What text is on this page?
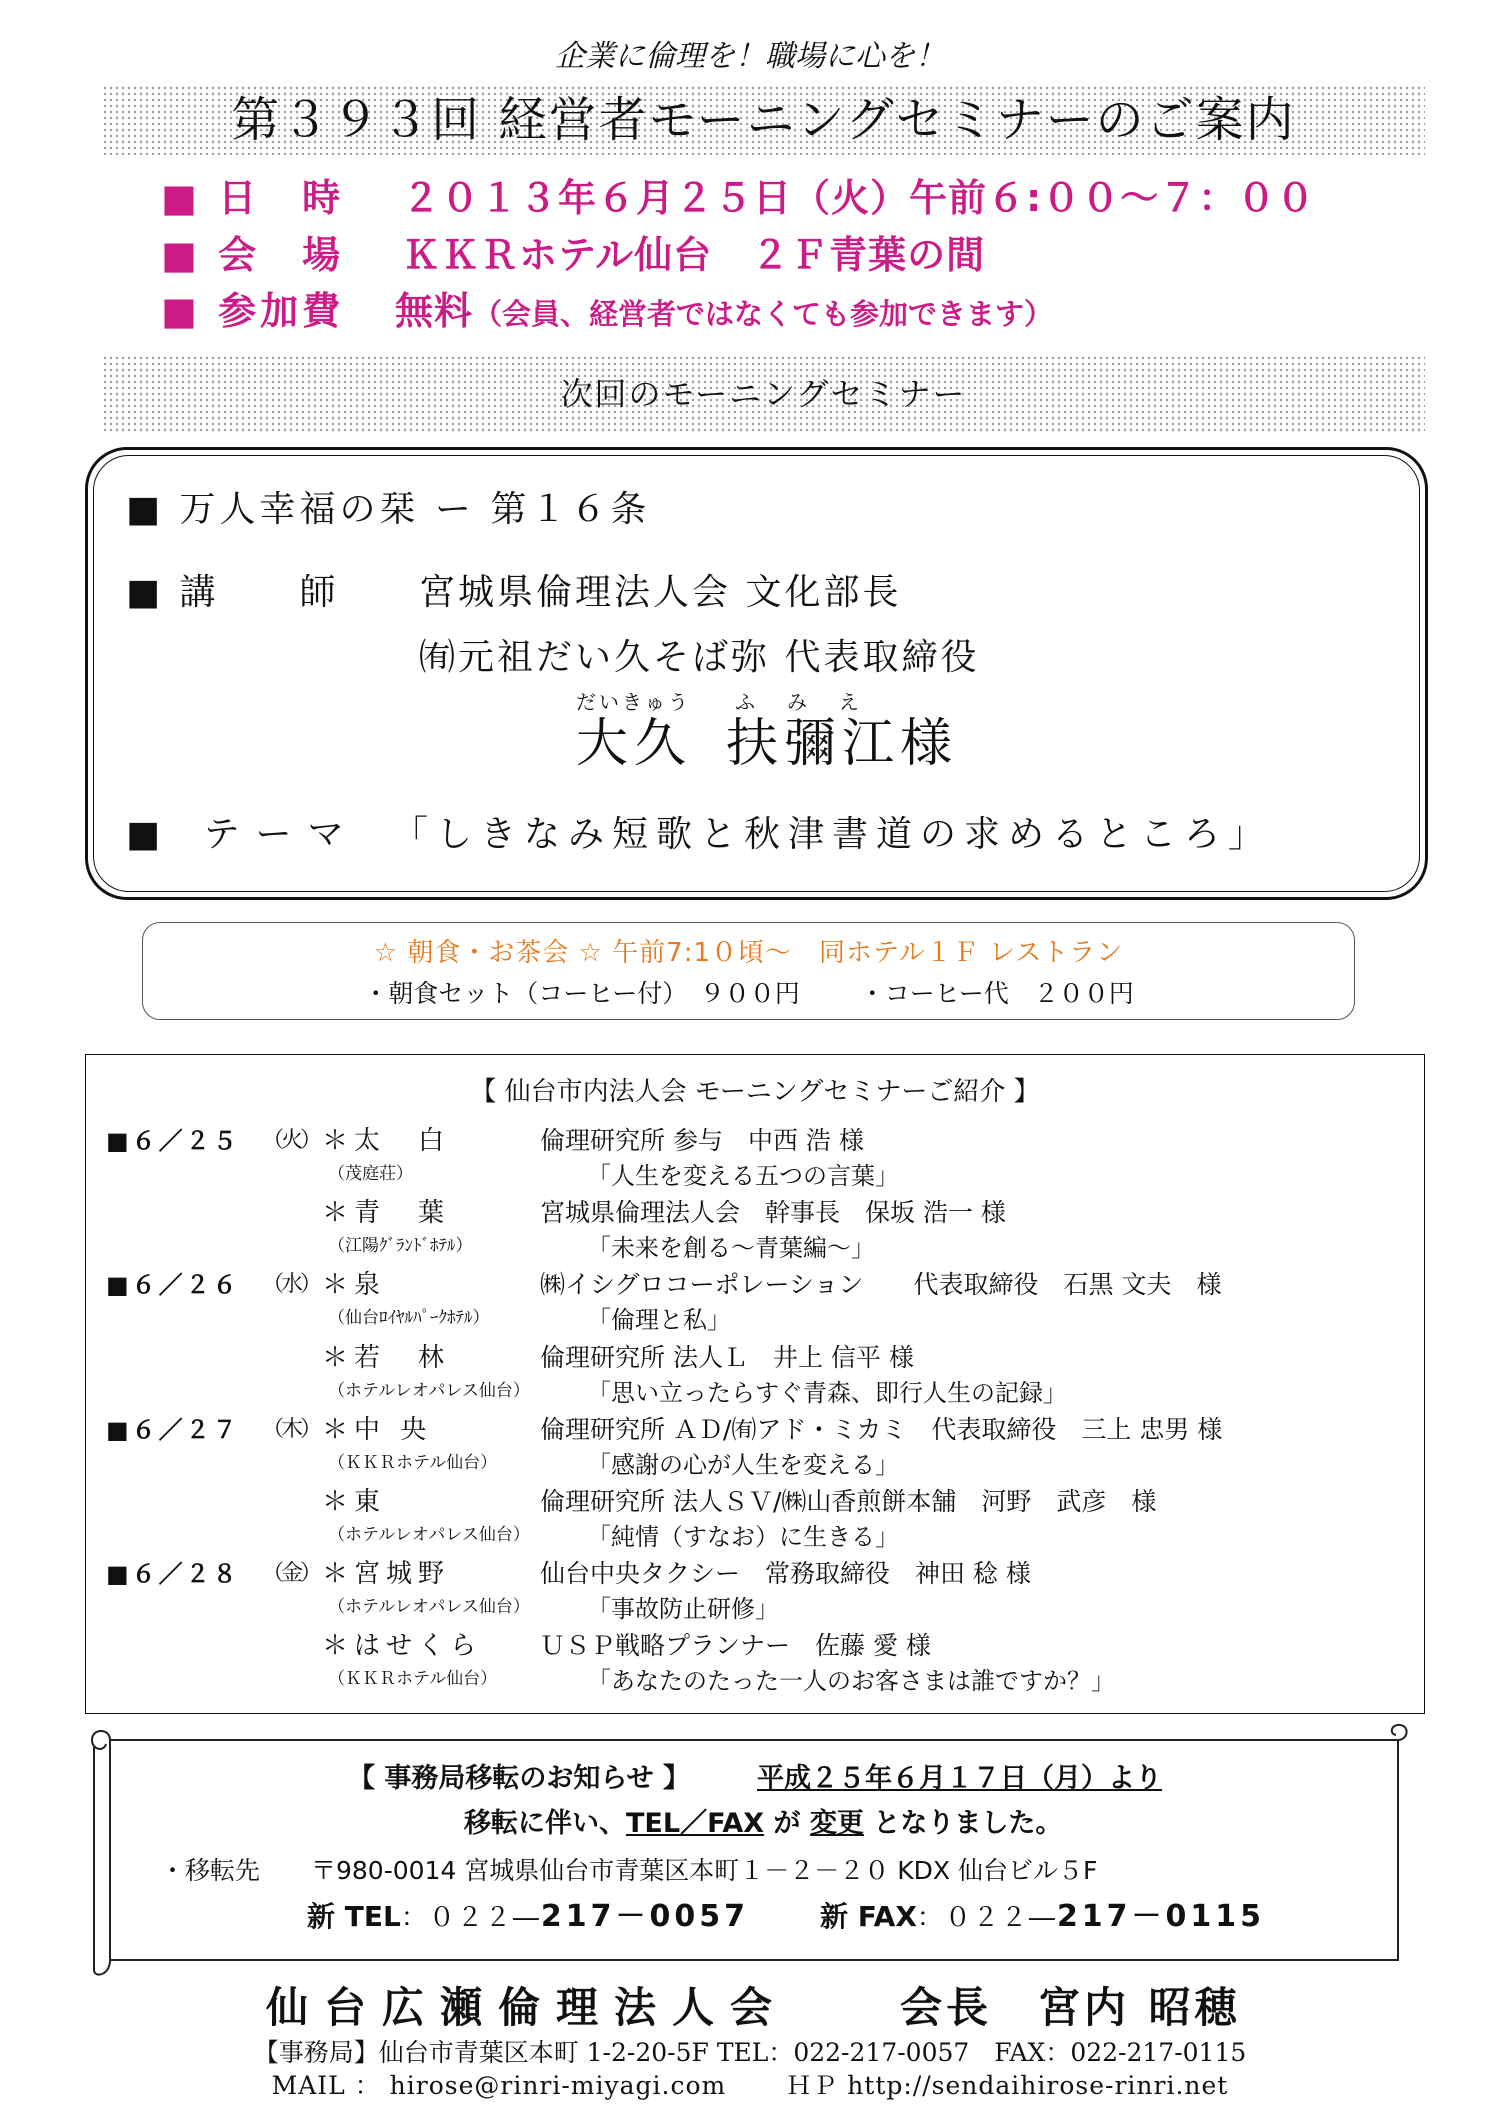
企業に倫理を！職場に心を！
第３９３回 経営者モーニングセミナーのご案内
■ 日　時 ２０１３年６月２５日（火）午前６:００～７：００
■ 会　場 ＫＫＲホテル仙台　２Ｆ青葉の間
■ 参加費 無料（会員、経営者ではなくても参加できます）
次回のモーニングセミナー
■ 万人幸福の栞 ー 第１６条
■ 講　　師 宮城県倫理法人会 文化部長
㈲元祖だい久そば弥 代表取締役
だいきゅう ふみえ
大久 扶彌江 様
■ テーマ 「しきなみ短歌と秋津書道の求めるところ」
☆ 朝食・お茶会 ☆ 午前7:1０頃～　同ホテル１Ｆ レストラン
・朝食セット（コーヒー付）　９００円 ・コーヒー代　２００円
【 仙台市内法人会 モーニングセミナーご紹介 】
■６／２５ （火） ＊太　白	倫理研究所 参与　中西 浩 様
（茂庭荘）	「人生を変える五つの言葉」
＊青　葉	宮城県倫理法人会　幹事長　保坂 浩一 様
（江陽ｸﾞﾗﾝﾄﾞﾎﾃﾙ）	「未来を創る～青葉編～」
■６／２６ （水） ＊泉	㈱イシグロコーポレーション　　代表取締役　石黒 文夫　様
（仙台ﾛｲﾔﾙﾊﾟｰｸﾎﾃﾙ）	「倫理と私」
＊若　林	倫理研究所 法人Ｌ　井上 信平 様
（ホテルレオパレス仙台） 「思い立ったらすぐ青森、即行人生の記録」
■６／２７ （木） ＊中 央	倫理研究所 ＡＤ/㈲アド・ミカミ　代表取締役　三上 忠男 様
（ＫＫＲホテル仙台）	「感謝の心が人生を変える」
＊東	倫理研究所 法人ＳＶ/㈱山香煎餅本舗　河野　武彦　様
（ホテルレオパレス仙台） 「純情（すなお）に生きる」
■６／２８ （金） ＊宮城野	仙台中央タクシー　常務取締役　神田 稔 様
（ホテルレオパレス仙台） 「事故防止研修」
＊はせくら ＵＳＰ戦略プランナー　佐藤 愛 様
（ＫＫＲホテル仙台）	「あなたのたった一人のお客さまは誰ですか？」
【 事務局移転のお知らせ 】 平成２５年６月１７日（月）より
移転に伴い、TEL／FAX が 変更 となりました。
・移転先 〒980-0014 宮城県仙台市青葉区本町１－２－２０ KDX 仙台ビル５F
新 TEL：０２２―217－0057	新 FAX：０２２―217－0115
仙台広瀬倫理法人会	会長　宮内 昭穂
【事務局】仙台市青葉区本町 1-2-20-5F TEL：022-217-0057　FAX：022-217-0115
MAIL ： hirose@rinri-miyagi.com ＨＰ http://sendaihirose-rinri.net
